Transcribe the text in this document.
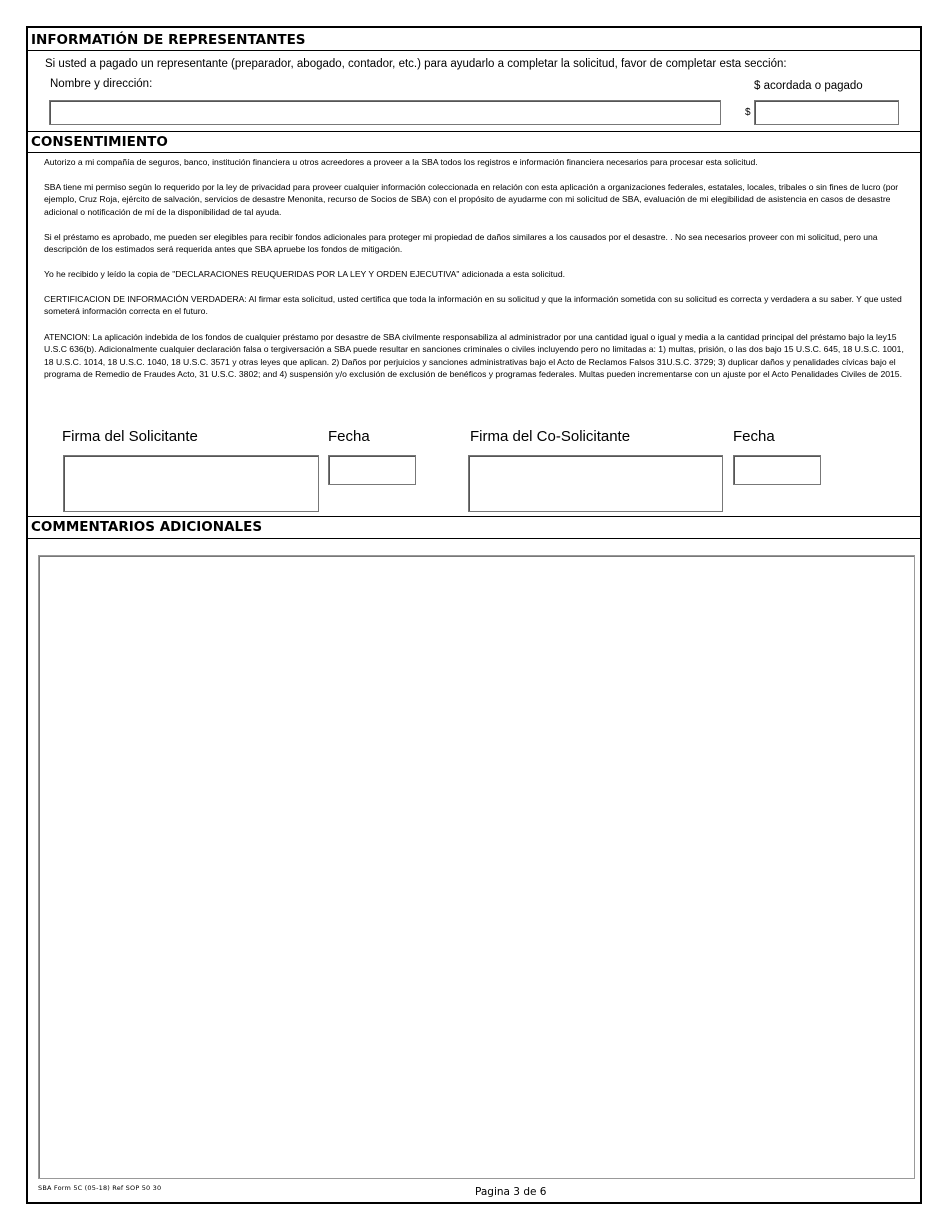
INFORMATIÓN DE REPRESENTANTES
Si usted a pagado un representante (preparador, abogado, contador, etc.) para ayudarlo a completar la solicitud, favor de completar esta sección:
Nombre y dirección:	$ acordada o pagado
$
CONSENTIMIENTO
Autorizo a mi compañía de seguros, banco, institución financiera u otros acreedores a proveer a la SBA todos los registros e información financiera necesarios para procesar esta solicitud.
SBA tiene mi permiso según lo requerido por la ley de privacidad para proveer cualquier información coleccionada en relación con esta aplicación a organizaciones federales, estatales, locales, tribales o sin fines de lucro (por ejemplo, Cruz Roja, ejército de salvación, servicios de desastre Menonita, recurso de Socios de SBA) con el propósito de ayudarme con mi solicitud de SBA, evaluación de mi elegibilidad de asistencia en casos de desastre adicional o notificación de mí de la disponibilidad de tal ayuda.
Si el préstamo es aprobado, me pueden ser elegibles para recibir fondos adicionales para proteger mi propiedad de daños similares a los causados por el desastre. . No sea necesarios proveer con mi solicitud, pero una descripción de los estimados será requerida antes que SBA apruebe los fondos de mitigación.
Yo he recibido y leído la copia de "DECLARACIONES REUQUERIDAS POR LA LEY Y ORDEN EJECUTIVA" adicionada a esta solicitud.
CERTIFICACION DE INFORMACIÓN VERDADERA: Al firmar esta solicitud, usted certifica que toda la información en su solicitud y que la información sometida con su solicitud es correcta y verdadera a su saber. Y que usted someterá información correcta en el futuro.
ATENCION: La aplicación indebida de los fondos de cualquier préstamo por desastre de SBA civilmente responsabiliza al administrador por una cantidad igual o igual y media a la cantidad principal del préstamo bajo la ley15 U.S.C 636(b). Adicionalmente cualquier declaración falsa o tergiversación a SBA puede resultar en sanciones criminales o civiles incluyendo pero no limitadas a: 1) multas, prisión, o las dos bajo 15 U.S.C. 645, 18 U.S.C. 1001, 18 U.S.C. 1014, 18 U.S.C. 1040, 18 U.S.C. 3571 y otras leyes que aplican. 2) Daños por perjuicios y sanciones administrativas bajo el Acto de Reclamos Falsos 31U.S.C. 3729; 3) duplicar daños y penalidades cívicas bajo el programa de Remedio de Fraudes Acto, 31 U.S.C. 3802; and 4) suspensión y/o exclusión de exclusión de benéficos y programas federales. Multas pueden incrementarse con un ajuste por el Acto Penalidades Civiles de 2015.
Firma del Solicitante	Fecha	Firma del Co-Solicitante	Fecha
COMMENTARIOS ADICIONALES
SBA Form 5C (05-18) Ref SOP 50 30	Pagina 3 de 6
